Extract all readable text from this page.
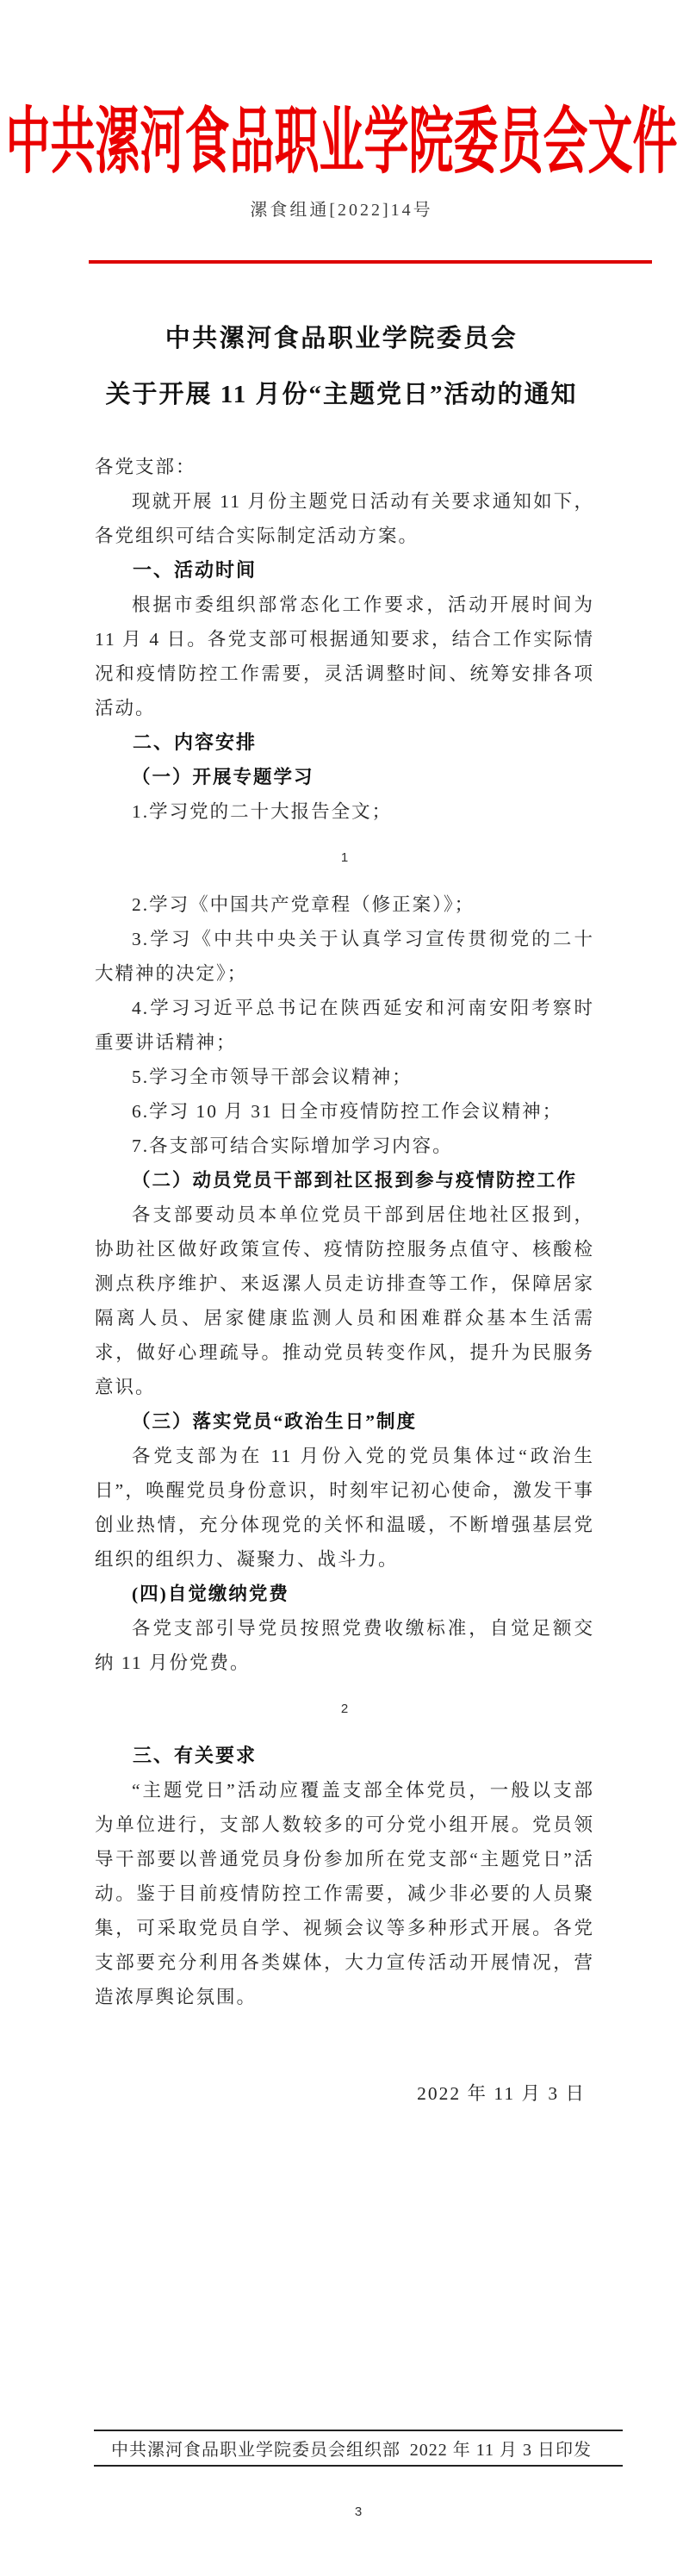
中共漯河食品职业学院委员会文件
漯食组通[2022]14号
中共漯河食品职业学院委员会
关于开展 11 月份“主题党日”活动的通知
各党支部：
现就开展 11 月份主题党日活动有关要求通知如下，各党组织可结合实际制定活动方案。
一、活动时间
根据市委组织部常态化工作要求，活动开展时间为 11 月 4 日。各党支部可根据通知要求，结合工作实际情况和疫情防控工作需要，灵活调整时间、统筹安排各项活动。
二、内容安排
（一）开展专题学习
1.学习党的二十大报告全文；
1
2.学习《中国共产党章程（修正案）》；
3.学习《中共中央关于认真学习宣传贯彻党的二十大精神的决定》；
4.学习习近平总书记在陕西延安和河南安阳考察时重要讲话精神；
5.学习全市领导干部会议精神；
6.学习 10 月 31 日全市疫情防控工作会议精神；
7.各支部可结合实际增加学习内容。
（二）动员党员干部到社区报到参与疫情防控工作
各支部要动员本单位党员干部到居住地社区报到，协助社区做好政策宣传、疫情防控服务点值守、核酸检测点秩序维护、来返漯人员走访排查等工作，保障居家隔离人员、居家健康监测人员和困难群众基本生活需求，做好心理疏导。推动党员转变作风，提升为民服务意识。
（三）落实党员“政治生日”制度
各党支部为在 11 月份入党的党员集体过“政治生日”，唤醒党员身份意识，时刻牢记初心使命，激发干事创业热情，充分体现党的关怀和温暖，不断增强基层党组织的组织力、凝聚力、战斗力。
(四)自觉缴纳党费
各党支部引导党员按照党费收缴标准，自觉足额交纳 11 月份党费。
2
三、有关要求
“主题党日”活动应覆盖支部全体党员，一般以支部为单位进行，支部人数较多的可分党小组开展。党员领导干部要以普通党员身份参加所在党支部“主题党日”活动。鉴于目前疫情防控工作需要，减少非必要的人员聚集，可采取党员自学、视频会议等多种形式开展。各党支部要充分利用各类媒体，大力宣传活动开展情况，营造浓厚舆论氛围。
2022 年 11 月 3 日
中共漯河食品职业学院委员会组织部 2022 年 11 月 3 日印发
3
